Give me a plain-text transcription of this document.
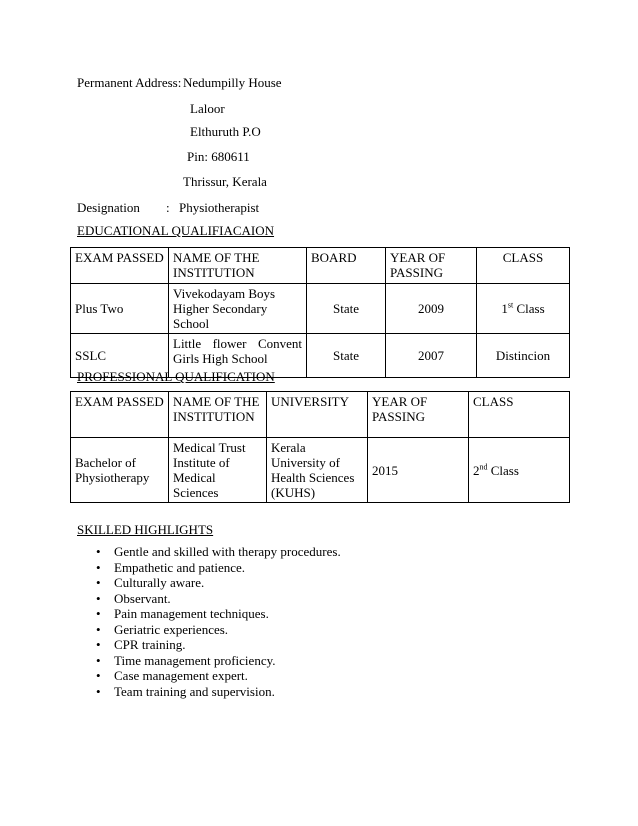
Permanent Address: Nedumpilly House
Laloor
Elthuruth P.O
Pin: 680611
Thrissur, Kerala
Designation : Physiotherapist
EDUCATIONAL QUALIFIACAION
EXAM PASSED	NAME OF THE INSTITUTION	BOARD	YEAR OF PASSING	CLASS
Plus Two	Vivekodayam Boys Higher Secondary School	State	2009	1st Class
SSLC	Little flower Convent Girls High School	State	2007	Distincion
PROFESSIONAL QUALIFICATION
EXAM PASSED	NAME OF THE INSTITUTION	UNIVERSITY	YEAR OF PASSING	CLASS
Bachelor of Physiotherapy	Medical Trust Institute of Medical Sciences	Kerala University of Health Sciences (KUHS)	2015	2nd Class
SKILLED HIGHLIGHTS
• Gentle and skilled with therapy procedures.
• Empathetic and patience.
• Culturally aware.
• Observant.
• Pain management techniques.
• Geriatric experiences.
• CPR training.
• Time management proficiency.
• Case management expert.
• Team training and supervision.
